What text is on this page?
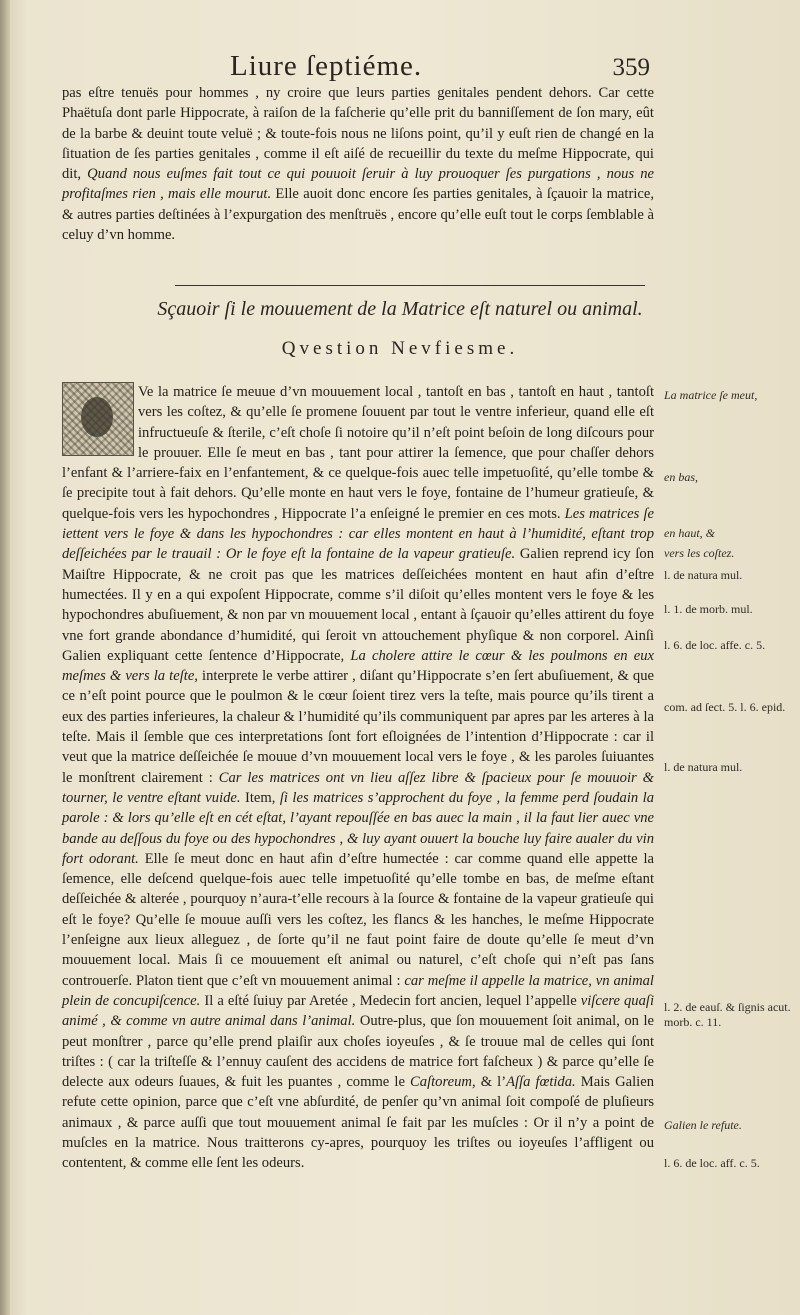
Liure ſeptiéme.	359

pas eſtre tenuës pour hommes , ny croire que leurs parties genitales pendent dehors. Car cette Phaëtuſa dont parle Hippocrate, à raiſon de la faſcherie qu’elle prit du banniſſement de ſon mary, eût de la barbe & deuint toute veluë ; & toute-fois nous ne liſons point, qu’il y euſt rien de changé en la ſituation de ſes parties genitales , comme il eſt aiſé de recueillir du texte du meſme Hippocrate, qui dit, Quand nous euſmes fait tout ce qui pouuoit ſeruir à luy prouoquer ſes purgations , nous ne profitaſmes rien , mais elle mourut. Elle auoit donc encore ſes parties genitales, à ſçauoir la matrice, & autres parties deſtinées à l’expurgation des menſtruës , encore qu’elle euſt tout le corps ſemblable à celuy d’vn homme.

Sçauoir ſi le mouuement de la Matrice eſt naturel ou animal.
Qvestion Nevfiesme.

Ve la matrice ſe meuue d’vn mouuement local , tantoſt en bas , tantoſt en haut , tantoſt vers les coſtez, & qu’elle ſe promene ſouuent par tout le ventre inferieur, quand elle eſt infructueuſe & ſterile, c’eſt choſe ſi notoire qu’il n’eſt point beſoin de long diſcours pour le prouuer. Elle ſe meut en bas , tant pour attirer la ſemence, que pour chaſſer dehors l’enfant & l’arriere-faix en l’enfantement, & ce quelque-fois auec telle impetuoſité, qu’elle tombe & ſe precipite tout à fait dehors. Qu’elle monte en haut vers le foye, fontaine de l’humeur gratieuſe, & quelque-fois vers les hypochondres , Hippocrate l’a enſeigné le premier en ces mots. Les matrices ſe iettent vers le foye & dans les hypochondres : car elles montent en haut à l’humidité, eſtant trop deſſeichées par le trauail : Or le foye eſt la fontaine de la vapeur gratieuſe. Galien reprend icy ſon Maiſtre Hippocrate, & ne croit pas que les matrices deſſeichées montent en haut afin d’eſtre humectées. Il y en a qui expoſent Hippocrate, comme s’il diſoit qu’elles montent vers le foye & les hypochondres abuſiuement, & non par vn mouuement local , entant à ſçauoir qu’elles attirent du foye vne fort grande abondance d’humidité, qui ſeroit vn attouchement phyſique & non corporel. Ainſi Galien expliquant cette ſentence d’Hippocrate, La cholere attire le cœur & les poulmons en eux meſmes & vers la teſte, interprete le verbe attirer , diſant qu’Hippocrate s’en ſert abuſiuement, & que ce n’eſt point pource que le poulmon & le cœur ſoient tirez vers la teſte, mais pource qu’ils tirent a eux des parties inferieures, la chaleur & l’humidité qu’ils communiquent par apres par les arteres à la teſte. Mais il ſemble que ces interpretations ſont fort eſloignées de l’intention d’Hippocrate : car il veut que la matrice deſſeichée ſe mouue d’vn mouuement local vers le foye , & les paroles ſuiuantes le monſtrent clairement : Car les matrices ont vn lieu aſſez libre & ſpacieux pour ſe mouuoir & tourner, le ventre eſtant vuide. Item, ſi les matrices s’approchent du foye , la femme perd ſoudain la parole : & lors qu’elle eſt en cét eſtat, l’ayant repouſſée en bas auec la main , il la faut lier auec vne bande au deſſous du foye ou des hypochondres , & luy ayant ouuert la bouche luy faire aualer du vin fort odorant. Elle ſe meut donc en haut afin d’eſtre humectée : car comme quand elle appette la ſemence, elle deſcend quelque-fois auec telle impetuoſité qu’elle tombe en bas, de meſme eſtant deſſeichée & alterée , pourquoy n’aura-t’elle recours à la ſource & fontaine de la vapeur gratieuſe qui eſt le foye? Qu’elle ſe mouue auſſi vers les coſtez, les flancs & les hanches, le meſme Hippocrate l’enſeigne aux lieux alleguez , de ſorte qu’il ne faut point faire de doute qu’elle ſe meut d’vn mouuement local. Mais ſi ce mouuement eſt animal ou naturel, c’eſt choſe qui n’eſt pas ſans controuerſe. Platon tient que c’eſt vn mouuement animal : car meſme il appelle la matrice, vn animal plein de concupiſcence. Il a eſté ſuiuy par Aretée , Medecin fort ancien, lequel l’appelle viſcere quaſi animé , & comme vn autre animal dans l’animal. Outre-plus, que ſon mouuement ſoit animal, on le peut monſtrer , parce qu’elle prend plaiſir aux choſes ioyeuſes , & ſe trouue mal de celles qui ſont triſtes : ( car la triſteſſe & l’ennuy cauſent des accidens de matrice fort faſcheux ) & parce qu’elle ſe delecte aux odeurs ſuaues, & fuit les puantes , comme le Caſtoreum, & l’Aſſa fœtida. Mais Galien refute cette opinion, parce que c’eſt vne abſurdité, de penſer qu’vn animal ſoit compoſé de pluſieurs animaux , & parce auſſi que tout mouuement animal ſe fait par les muſcles : Or il n’y a point de muſcles en la matrice. Nous traitterons cy-apres, pourquoy les triſtes ou ioyeuſes l’affligent ou contentent, & comme elle ſent les odeurs.

La matrice ſe meut,
en bas,
en haut, &
vers les coſtez.
l. de natura mul.
l. 1. de morb. mul.
l. 6. de loc. affe. c. 5.
com. ad ſect. 5. l. 6. epid.
l. de natura mul.
l. 2. de eauſ. & ſignis acut. morb. c. 11.
Galien le refute.
l. 6. de loc. aff. c. 5.
